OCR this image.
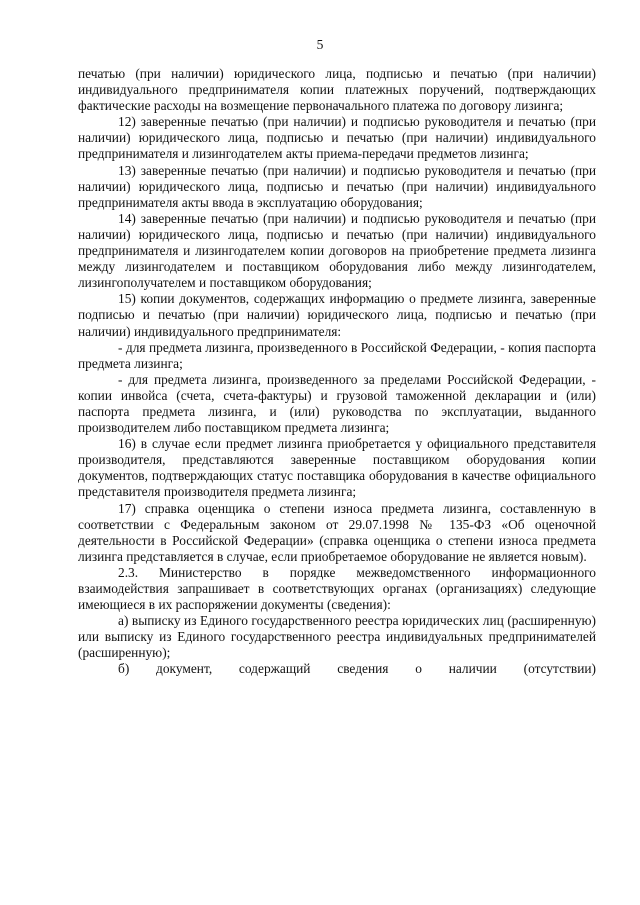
5

печатью (при наличии) юридического лица, подписью и печатью (при наличии) индивидуального предпринимателя копии платежных поручений, подтверждающих фактические расходы на возмещение первоначального платежа по договору лизинга;

12) заверенные печатью (при наличии) и подписью руководителя и печатью (при наличии) юридического лица, подписью и печатью (при наличии) индивидуального предпринимателя и лизингодателем акты приема-передачи предметов лизинга;

13) заверенные печатью (при наличии) и подписью руководителя и печатью (при наличии) юридического лица, подписью и печатью (при наличии) индивидуального предпринимателя акты ввода в эксплуатацию оборудования;

14) заверенные печатью (при наличии) и подписью руководителя и печатью (при наличии) юридического лица, подписью и печатью (при наличии) индивидуального предпринимателя и лизингодателем копии договоров на приобретение предмета лизинга между лизингодателем и поставщиком оборудования либо между лизингодателем, лизингополучателем и поставщиком оборудования;

15) копии документов, содержащих информацию о предмете лизинга, заверенные подписью и печатью (при наличии) юридического лица, подписью и печатью (при наличии) индивидуального предпринимателя:

- для предмета лизинга, произведенного в Российской Федерации, - копия паспорта предмета лизинга;

- для предмета лизинга, произведенного за пределами Российской Федерации, - копии инвойса (счета, счета-фактуры) и грузовой таможенной декларации и (или) паспорта предмета лизинга, и (или) руководства по эксплуатации, выданного производителем либо поставщиком предмета лизинга;

16) в случае если предмет лизинга приобретается у официального представителя производителя, представляются заверенные поставщиком оборудования копии документов, подтверждающих статус поставщика оборудования в качестве официального представителя производителя предмета лизинга;

17) справка оценщика о степени износа предмета лизинга, составленную в соответствии с Федеральным законом от 29.07.1998 № 135-ФЗ «Об оценочной деятельности в Российской Федерации» (справка оценщика о степени износа предмета лизинга представляется в случае, если приобретаемое оборудование не является новым).

2.3. Министерство в порядке межведомственного информационного взаимодействия запрашивает в соответствующих органах (организациях) следующие имеющиеся в их распоряжении документы (сведения):

а) выписку из Единого государственного реестра юридических лиц (расширенную) или выписку из Единого государственного реестра индивидуальных предпринимателей (расширенную);

б) документ, содержащий сведения о наличии (отсутствии)
